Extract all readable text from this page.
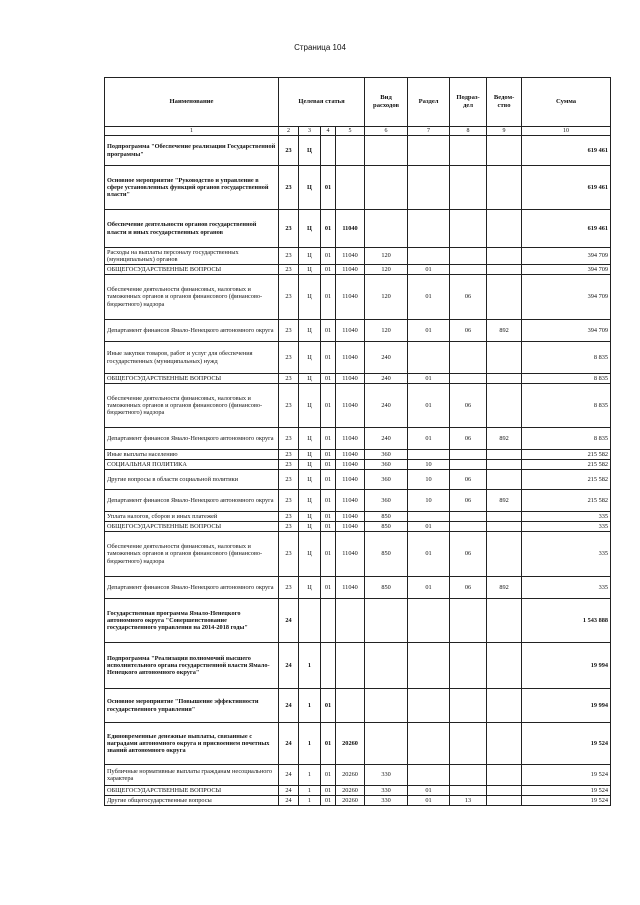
Страница 104
Наименование	Целевая статья				Вид расходов	Раздел	Подраз-дел	Ведом-ство	Сумма
1	2	3	4	5	6	7	8	9	10
Подпрограмма "Обеспечение реализации Государственной программы"	23	Ц							619 461
Основное мероприятие "Руководство и управление в сфере установленных функций органов государственной власти"	23	Ц	01						619 461
Обеспечение деятельности органов государственной власти и иных государственных органов	23	Ц	01	11040					619 461
Расходы на выплаты персоналу государственных (муниципальных) органов	23	Ц	01	11040	120				394 709
ОБЩЕГОСУДАРСТВЕННЫЕ ВОПРОСЫ	23	Ц	01	11040	120	01			394 709
Обеспечение деятельности финансовых, налоговых и таможенных органов и органов финансового (финансово-бюджетного) надзора	23	Ц	01	11040	120	01	06		394 709
Департамент финансов Ямало-Ненецкого автономного округа	23	Ц	01	11040	120	01	06	892	394 709
Иные закупки товаров, работ и услуг для обеспечения государственных (муниципальных) нужд	23	Ц	01	11040	240				8 835
ОБЩЕГОСУДАРСТВЕННЫЕ ВОПРОСЫ	23	Ц	01	11040	240	01			8 835
Обеспечение деятельности финансовых, налоговых и таможенных органов и органов финансового (финансово-бюджетного) надзора	23	Ц	01	11040	240	01	06		8 835
Департамент финансов Ямало-Ненецкого автономного округа	23	Ц	01	11040	240	01	06	892	8 835
Иные выплаты населению	23	Ц	01	11040	360				215 582
СОЦИАЛЬНАЯ ПОЛИТИКА	23	Ц	01	11040	360	10			215 582
Другие вопросы в области социальной политики	23	Ц	01	11040	360	10	06		215 582
Департамент финансов Ямало-Ненецкого автономного округа	23	Ц	01	11040	360	10	06	892	215 582
Уплата налогов, сборов и иных платежей	23	Ц	01	11040	850				335
ОБЩЕГОСУДАРСТВЕННЫЕ ВОПРОСЫ	23	Ц	01	11040	850	01			335
Обеспечение деятельности финансовых, налоговых и таможенных органов и органов финансового (финансово-бюджетного) надзора	23	Ц	01	11040	850	01	06		335
Департамент финансов Ямало-Ненецкого автономного округа	23	Ц	01	11040	850	01	06	892	335
Государственная программа Ямало-Ненецкого автономного округа "Совершенствование государственного управления на 2014-2018 годы"	24								1 543 888
Подпрограмма "Реализация полномочий высшего исполнительного органа государственной власти Ямало-Ненецкого автономного округа"	24	1							19 994
Основное мероприятие "Повышение эффективности государственного управления"	24	1	01						19 994
Единовременные денежные выплаты, связанные с наградами автономного округа и присвоением почетных званий автономного округа	24	1	01	20260					19 524
Публичные нормативные выплаты гражданам несоциального характера	24	1	01	20260	330				19 524
ОБЩЕГОСУДАРСТВЕННЫЕ ВОПРОСЫ	24	1	01	20260	330	01			19 524
Другие общегосударственные вопросы	24	1	01	20260	330	01	13		19 524
